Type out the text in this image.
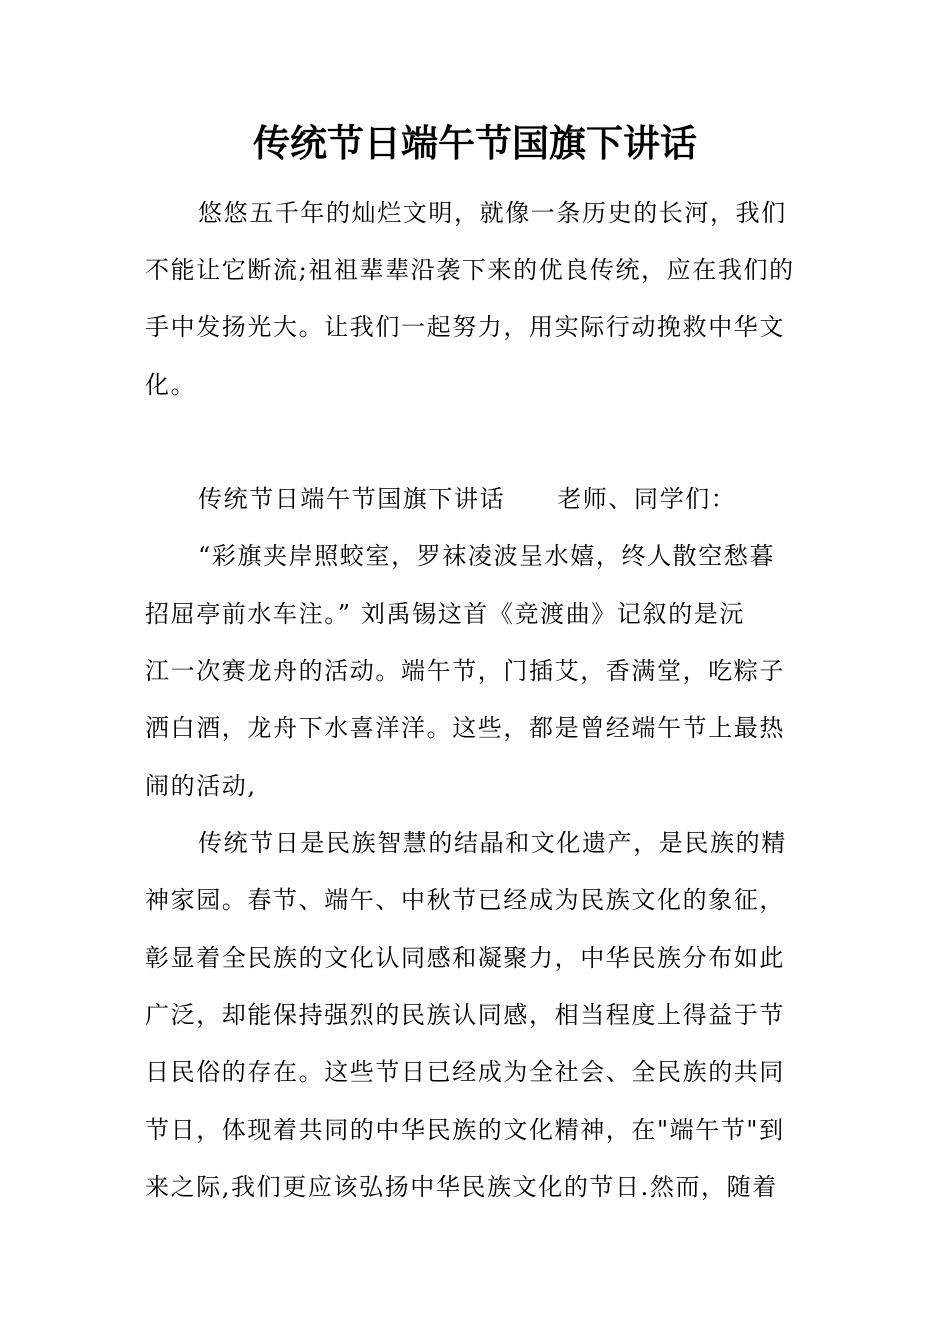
传统节日端午节国旗下讲话
悠悠五千年的灿烂文明，就像一条历史的长河，我们
不能让它断流;祖祖辈辈沿袭下来的优良传统，应在我们的
手中发扬光大。让我们一起努力，用实际行动挽救中华文
化。
传统节日端午节国旗下讲话 老师、同学们：
“彩旗夹岸照蛟室，罗袜凌波呈水嬉，终人散空愁暮
招屈亭前水车注。” 刘禹锡这首《竞渡曲》记叙的是沅
江一次赛龙舟的活动。端午节，门插艾，香满堂，吃粽子
洒白酒，龙舟下水喜洋洋。这些，都是曾经端午节上最热
闹的活动,
传统节日是民族智慧的结晶和文化遗产，是民族的精
神家园。春节、端午、中秋节已经成为民族文化的象征，
彰显着全民族的文化认同感和凝聚力，中华民族分布如此
广泛，却能保持强烈的民族认同感，相当程度上得益于节
日民俗的存在。这些节日已经成为全社会、全民族的共同
节日，体现着共同的中华民族的文化精神，在"端午节"到
来之际,我们更应该弘扬中华民族文化的节日.然而，随着
